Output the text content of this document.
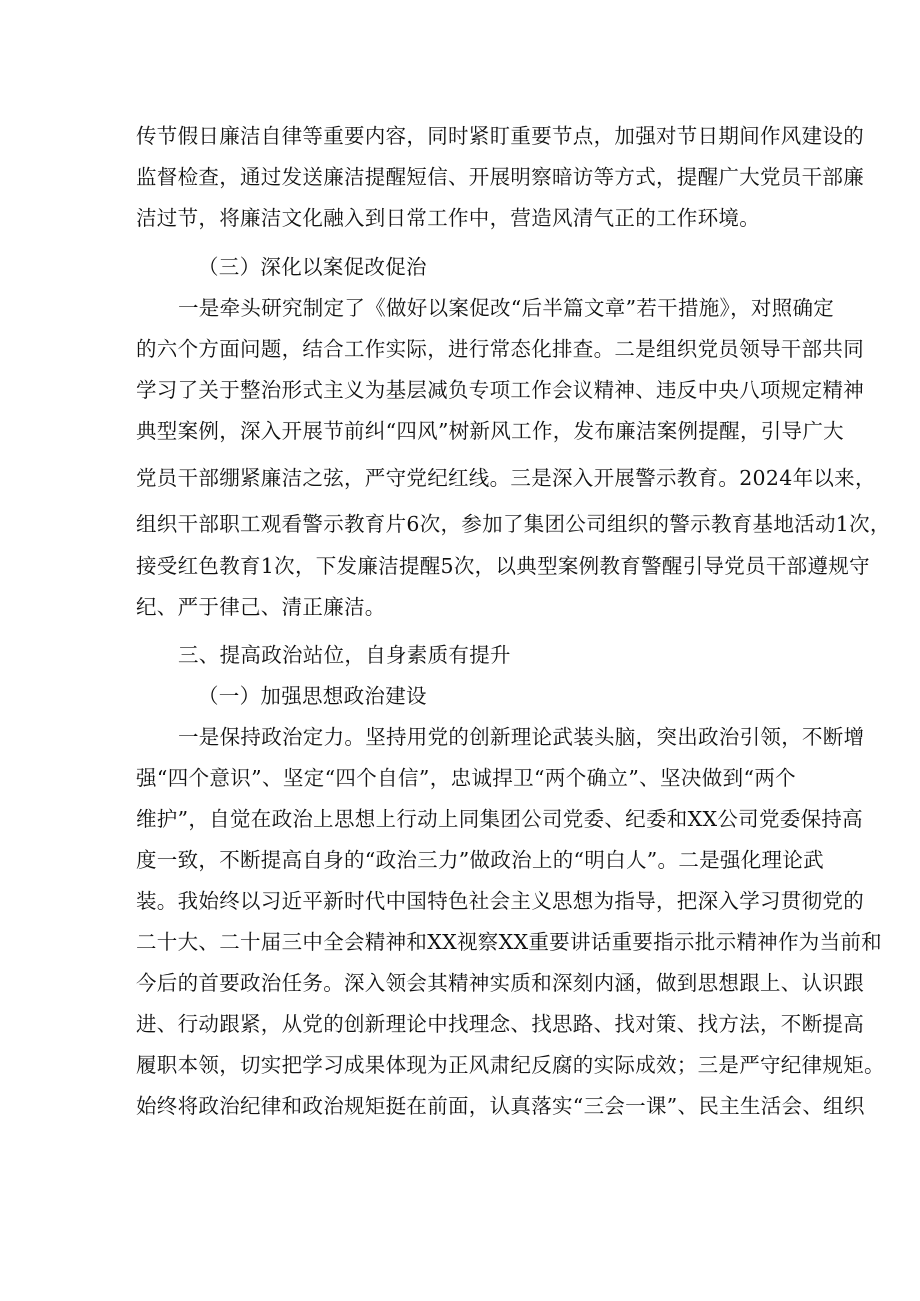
传节假日廉洁自律等重要内容，同时紧盯重要节点，加强对节日期间作风建设的
监督检查，通过发送廉洁提醒短信、开展明察暗访等方式，提醒广大党员干部廉
洁过节，将廉洁文化融入到日常工作中，营造风清气正的工作环境。
（三）深化以案促改促治
一是牵头研究制定了《做好以案促改“后半篇文章”若干措施》，对照确定
的六个方面问题，结合工作实际，进行常态化排查。二是组织党员领导干部共同
学习了关于整治形式主义为基层减负专项工作会议精神、违反中央八项规定精神
典型案例，深入开展节前纠“四风”树新风工作，发布廉洁案例提醒，引导广大
党员干部绷紧廉洁之弦，严守党纪红线。三是深入开展警示教育。2024年以来，
组织干部职工观看警示教育片6次，参加了集团公司组织的警示教育基地活动1次，
接受红色教育1次，下发廉洁提醒5次，以典型案例教育警醒引导党员干部遵规守
纪、严于律己、清正廉洁。
三、提高政治站位，自身素质有提升
（一）加强思想政治建设
一是保持政治定力。坚持用党的创新理论武装头脑，突出政治引领，不断增
强“四个意识”、坚定“四个自信”，忠诚捍卫“两个确立”、坚决做到“两个
维护”，自觉在政治上思想上行动上同集团公司党委、纪委和XX公司党委保持高
度一致，不断提高自身的“政治三力”做政治上的“明白人”。二是强化理论武
装。我始终以习近平新时代中国特色社会主义思想为指导，把深入学习贯彻党的
二十大、二十届三中全会精神和XX视察XX重要讲话重要指示批示精神作为当前和
今后的首要政治任务。深入领会其精神实质和深刻内涵，做到思想跟上、认识跟
进、行动跟紧，从党的创新理论中找理念、找思路、找对策、找方法，不断提高
履职本领，切实把学习成果体现为正风肃纪反腐的实际成效；三是严守纪律规矩。
始终将政治纪律和政治规矩挺在前面，认真落实“三会一课”、民主生活会、组织
